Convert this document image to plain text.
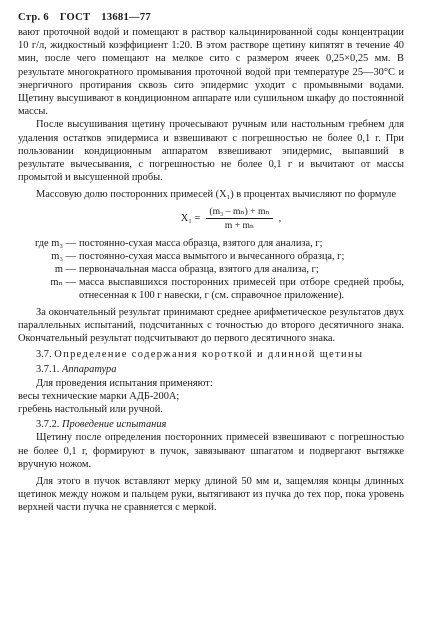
Стр. 6 ГОСТ 13681—77

вают проточной водой и помещают в раствор кальцинированной соды концентрации 10 г/л, жидкостный коэффициент 1:20. В этом растворе щетину кипятят в течение 40 мин, после чего помещают на мелкое сито с размером ячеек 0,25×0,25 мм. В результате многократного промывания проточной водой при температуре 25—30°С и энергичного протирания сквозь сито эпидермис уходит с промывными водами. Щетину высушивают в кондиционном аппарате или сушильном шкафу до постоянной массы.

После высушивания щетину прочесывают ручным или настольным гребнем для удаления остатков эпидермиса и взвешивают с погрешностью не более 0,1 г. При пользовании кондиционным аппаратом взвешивают эпидермис, выпавший в результате вычесывания, с погрешностью не более 0,1 г и вычитают от массы промытой и высушенной пробы.

Массовую долю посторонних примесей (X₁) в процентах вычисляют по формуле

$X_1 = \frac{\text{(m₃ – mₙ) + mₙ}}{\text{m + mₙ}}$ ,
где m₃ — постоянно-сухая масса образца, взятого для анализа, г;
m₃ — постоянно-сухая масса вымытого и вычесанного образца, г;
m — первоначальная масса образца, взятого для анализа, г;
mₙ — масса выспавшихся посторонних примесей при отборе средней пробы, отнесенная к 100 г навески, г (см. справочное приложение).

За окончательный результат принимают среднее арифметическое результатов двух параллельных испытаний, подсчитанных с точностью до второго десятичного знака. Окончательный результат подсчитывают до первого десятичного знака.

3.7. Определение содержания короткой и длинной щетины

3.7.1. Аппаратура

Для проведения испытания применяют:

весы технические марки АДБ-200А;

гребень настольный или ручной.

3.7.2. Проведение испытания

Щетину после определения посторонних примесей взвешивают с погрешностью не более 0,1 г, формируют в пучок, завязывают шпагатом и подвергают вытяжке вручную ножом.

Для этого в пучок вставляют мерку длиной 50 мм и, защемляя концы длинных щетинок между ножом и пальцем руки, вытягивают из пучка до тех пор, пока уровень верхней части пучка не сравняется с меркой.
